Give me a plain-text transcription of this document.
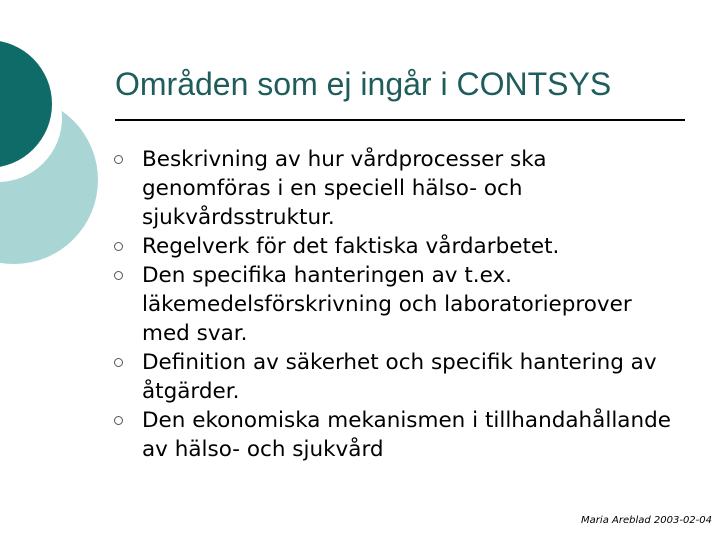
Områden som ej ingår i CONTSYS
Beskrivning av hur vårdprocesser ska genomföras i en speciell hälso- och sjukvårdsstruktur.
Regelverk för det faktiska vårdarbetet.
Den specifika hanteringen av t.ex. läkemedelsförskrivning och laboratorieprover med svar.
Definition av säkerhet och specifik hantering av åtgärder.
Den ekonomiska mekanismen i tillhandahållande av hälso- och sjukvård
Maria Areblad 2003-02-04
